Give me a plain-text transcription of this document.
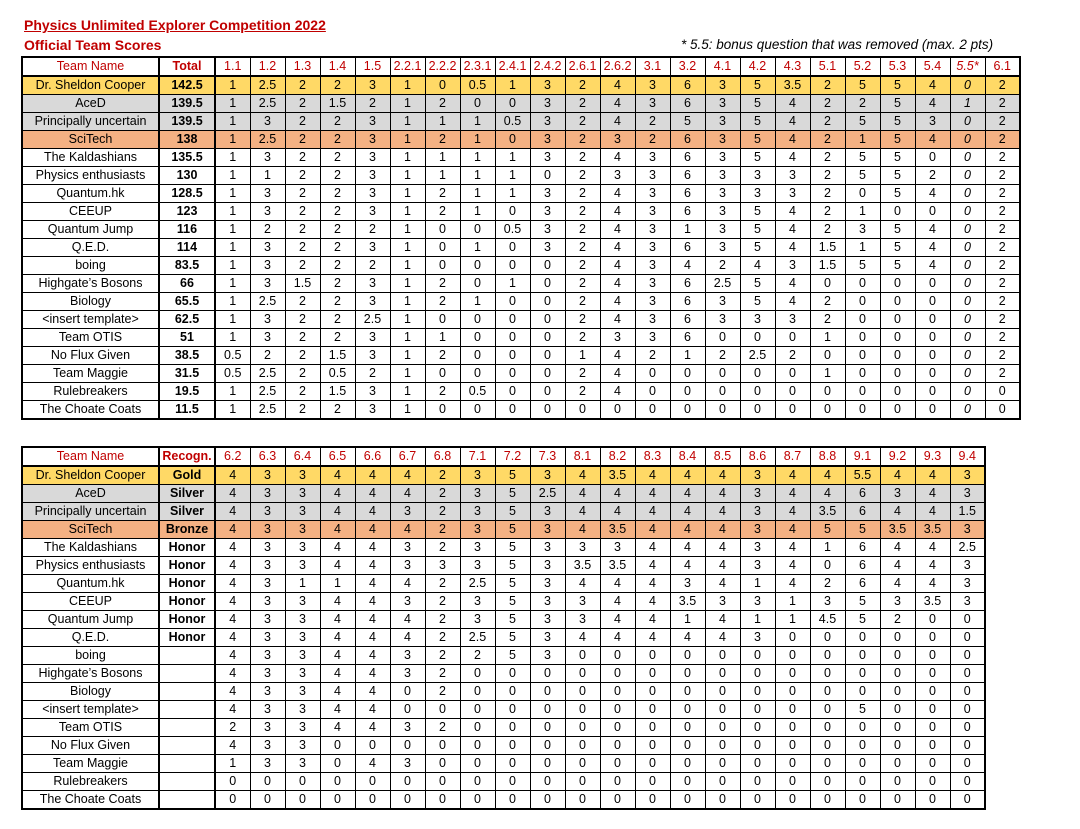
Physics Unlimited Explorer Competition 2022
Official Team Scores	* 5.5: bonus question that was removed (max. 2 pts)
Team Name	Total	1.1	1.2	1.3	1.4	1.5	2.2.1	2.2.2	2.3.1	2.4.1	2.4.2	2.6.1	2.6.2	3.1	3.2	4.1	4.2	4.3	5.1	5.2	5.3	5.4	5.5*	6.1
Dr. Sheldon Cooper	142.5	1	2.5	2	2	3	1	0	0.5	1	3	2	4	3	6	3	5	3.5	2	5	5	4	0	2
AceD	139.5	1	2.5	2	1.5	2	1	2	0	0	3	2	4	3	6	3	5	4	2	2	5	4	1	2
Principally uncertain	139.5	1	3	2	2	3	1	1	1	0.5	3	2	4	2	5	3	5	4	2	5	5	3	0	2
SciTech	138	1	2.5	2	2	3	1	2	1	0	3	2	3	2	6	3	5	4	2	1	5	4	0	2
The Kaldashians	135.5	1	3	2	2	3	1	1	1	1	3	2	4	3	6	3	5	4	2	5	5	0	0	2
Physics enthusiasts	130	1	1	2	2	3	1	1	1	1	0	2	3	3	6	3	3	3	2	5	5	2	0	2
Quantum.hk	128.5	1	3	2	2	3	1	2	1	1	3	2	4	3	6	3	3	3	2	0	5	4	0	2
CEEUP	123	1	3	2	2	3	1	2	1	0	3	2	4	3	6	3	5	4	2	1	0	0	0	2
Quantum Jump	116	1	2	2	2	2	1	0	0	0.5	3	2	4	3	1	3	5	4	2	3	5	4	0	2
Q.E.D.	114	1	3	2	2	3	1	0	1	0	3	2	4	3	6	3	5	4	1.5	1	5	4	0	2
boing	83.5	1	3	2	2	2	1	0	0	0	0	2	4	3	4	2	4	3	1.5	5	5	4	0	2
Highgate’s Bosons	66	1	3	1.5	2	3	1	2	0	1	0	2	4	3	6	2.5	5	4	0	0	0	0	0	2
Biology	65.5	1	2.5	2	2	3	1	2	1	0	0	2	4	3	6	3	5	4	2	0	0	0	0	2
<insert template>	62.5	1	3	2	2	2.5	1	0	0	0	0	2	4	3	6	3	3	3	2	0	0	0	0	2
Team OTIS	51	1	3	2	2	3	1	1	0	0	0	2	3	3	6	0	0	0	1	0	0	0	0	2
No Flux Given	38.5	0.5	2	2	1.5	3	1	2	0	0	0	1	4	2	1	2	2.5	2	0	0	0	0	0	2
Team Maggie	31.5	0.5	2.5	2	0.5	2	1	0	0	0	0	2	4	0	0	0	0	0	1	0	0	0	0	2
Rulebreakers	19.5	1	2.5	2	1.5	3	1	2	0.5	0	0	2	4	0	0	0	0	0	0	0	0	0	0	0
The Choate Coats	11.5	1	2.5	2	2	3	1	0	0	0	0	0	0	0	0	0	0	0	0	0	0	0	0	0
Team Name	Recogn.	6.2	6.3	6.4	6.5	6.6	6.7	6.8	7.1	7.2	7.3	8.1	8.2	8.3	8.4	8.5	8.6	8.7	8.8	9.1	9.2	9.3	9.4
Dr. Sheldon Cooper	Gold	4	3	3	4	4	4	2	3	5	3	4	3.5	4	4	4	3	4	4	5.5	4	4	3
AceD	Silver	4	3	3	4	4	4	2	3	5	2.5	4	4	4	4	4	3	4	4	6	3	4	3
Principally uncertain	Silver	4	3	3	4	4	3	2	3	5	3	4	4	4	4	4	3	4	3.5	6	4	4	1.5
SciTech	Bronze	4	3	3	4	4	4	2	3	5	3	4	3.5	4	4	4	3	4	5	5	3.5	3.5	3
The Kaldashians	Honor	4	3	3	4	4	3	2	3	5	3	3	3	4	4	4	3	4	1	6	4	4	2.5
Physics enthusiasts	Honor	4	3	3	4	4	3	3	3	5	3	3.5	3.5	4	4	4	3	4	0	6	4	4	3
Quantum.hk	Honor	4	3	1	1	4	4	2	2.5	5	3	4	4	4	3	4	1	4	2	6	4	4	3
CEEUP	Honor	4	3	3	4	4	3	2	3	5	3	3	4	4	3.5	3	3	1	3	5	3	3.5	3
Quantum Jump	Honor	4	3	3	4	4	4	2	3	5	3	3	4	4	1	4	1	1	4.5	5	2	0	0
Q.E.D.	Honor	4	3	3	4	4	4	2	2.5	5	3	4	4	4	4	4	3	0	0	0	0	0	0
boing		4	3	3	4	4	3	2	2	5	3	0	0	0	0	0	0	0	0	0	0	0	0
Highgate’s Bosons		4	3	3	4	4	3	2	0	0	0	0	0	0	0	0	0	0	0	0	0	0	0
Biology		4	3	3	4	4	0	2	0	0	0	0	0	0	0	0	0	0	0	0	0	0	0
<insert template>		4	3	3	4	4	0	0	0	0	0	0	0	0	0	0	0	0	0	5	0	0	0
Team OTIS		2	3	3	4	4	3	2	0	0	0	0	0	0	0	0	0	0	0	0	0	0	0
No Flux Given		4	3	3	0	0	0	0	0	0	0	0	0	0	0	0	0	0	0	0	0	0	0
Team Maggie		1	3	3	0	4	3	0	0	0	0	0	0	0	0	0	0	0	0	0	0	0	0
Rulebreakers		0	0	0	0	0	0	0	0	0	0	0	0	0	0	0	0	0	0	0	0	0	0
The Choate Coats		0	0	0	0	0	0	0	0	0	0	0	0	0	0	0	0	0	0	0	0	0	0
